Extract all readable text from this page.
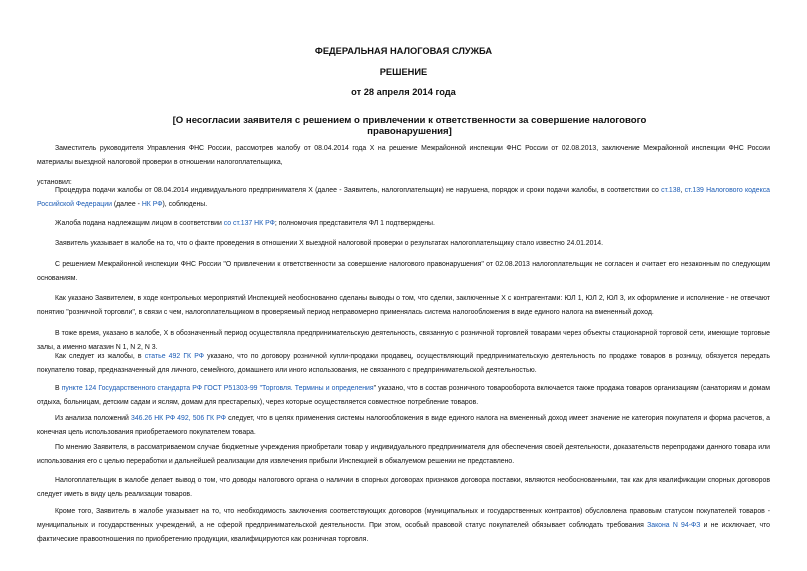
ФЕДЕРАЛЬНАЯ НАЛОГОВАЯ СЛУЖБА
РЕШЕНИЕ
от 28 апреля 2014 года
[О несогласии заявителя с решением о привлечении к ответственности за совершение налогового правонарушения]

Заместитель руководителя Управления ФНС России, рассмотрев жалобу от 08.04.2014 года Х на решение Межрайонной инспекции ФНС России от 02.08.2013, заключение Межрайонной инспекции ФНС России материалы выездной налоговой проверки в отношении налогоплательщика,

установил:

Процедура подачи жалобы от 08.04.2014 индивидуального предпринимателя Х (далее - Заявитель, налогоплательщик) не нарушена, порядок и сроки подачи жалобы, в соответствии со ст.138, ст.139 Налогового кодекса Российской Федерации (далее - НК РФ), соблюдены.

Жалоба подана надлежащим лицом в соответствии со ст.137 НК РФ; полномочия представителя ФЛ 1 подтверждены.

Заявитель указывает в жалобе на то, что о факте проведения в отношении Х выездной налоговой проверки о результатах налогоплательщику стало известно 24.01.2014.

С решением Межрайонной инспекции ФНС России "О привлечении к ответственности за совершение налогового правонарушения" от 02.08.2013 налогоплательщик не согласен и считает его незаконным по следующим основаниям.

Как указано Заявителем, в ходе контрольных мероприятий Инспекцией необоснованно сделаны выводы о том, что сделки, заключенные Х с контрагентами: ЮЛ 1, ЮЛ 2, ЮЛ 3, их оформление и исполнение - не отвечают понятию "розничной торговли", в связи с чем, налогоплательщиком в проверяемый период неправомерно применялась система налогообложения в виде единого налога на вмененный доход.

В тоже время, указано в жалобе, Х в обозначенный период осуществляла предпринимательскую деятельность, связанную с розничной торговлей товарами через объекты стационарной торговой сети, имеющие торговые залы, а именно магазин N 1, N 2, N 3.

Как следует из жалобы, в статье 492 ГК РФ указано, что по договору розничной купли-продажи продавец, осуществляющий предпринимательскую деятельность по продаже товаров в розницу, обязуется передать покупателю товар, предназначенный для личного, семейного, домашнего или иного использования, не связанного с предпринимательской деятельностью.

В пункте 124 Государственного стандарта РФ ГОСТ Р51303-99 "Торговля. Термины и определения" указано, что в состав розничного товарооборота включается также продажа товаров организациям (санаториям и домам отдыха, больницам, детским садам и яслям, домам для престарелых), через которые осуществляется совместное потребление товаров.

Из анализа положений 346.26 НК РФ 492, 506 ГК РФ следует, что в целях применения системы налогообложения в виде единого налога на вмененный доход имеет значение не категория покупателя и форма расчетов, а конечная цель использования приобретаемого покупателем товара.

По мнению Заявителя, в рассматриваемом случае бюджетные учреждения приобретали товар у индивидуального предпринимателя для обеспечения своей деятельности, доказательств перепродажи данного товара или использования его с целью переработки и дальнейшей реализации для извлечения прибыли Инспекцией в обжалуемом решении не представлено.

Налогоплательщик в жалобе делает вывод о том, что доводы налогового органа о наличии в спорных договорах признаков договора поставки, являются необоснованными, так как для квалификации спорных договоров следует иметь в виду цель реализации товаров.

Кроме того, Заявитель в жалобе указывает на то, что необходимость заключения соответствующих договоров (муниципальных и государственных контрактов) обусловлена правовым статусом покупателей товаров - муниципальных и государственных учреждений, а не сферой предпринимательской деятельности. При этом, особый правовой статус покупателей обязывает соблюдать требования Закона N 94-ФЗ и не исключает, что фактические правоотношения по приобретению продукции, квалифицируются как розничная торговля.
